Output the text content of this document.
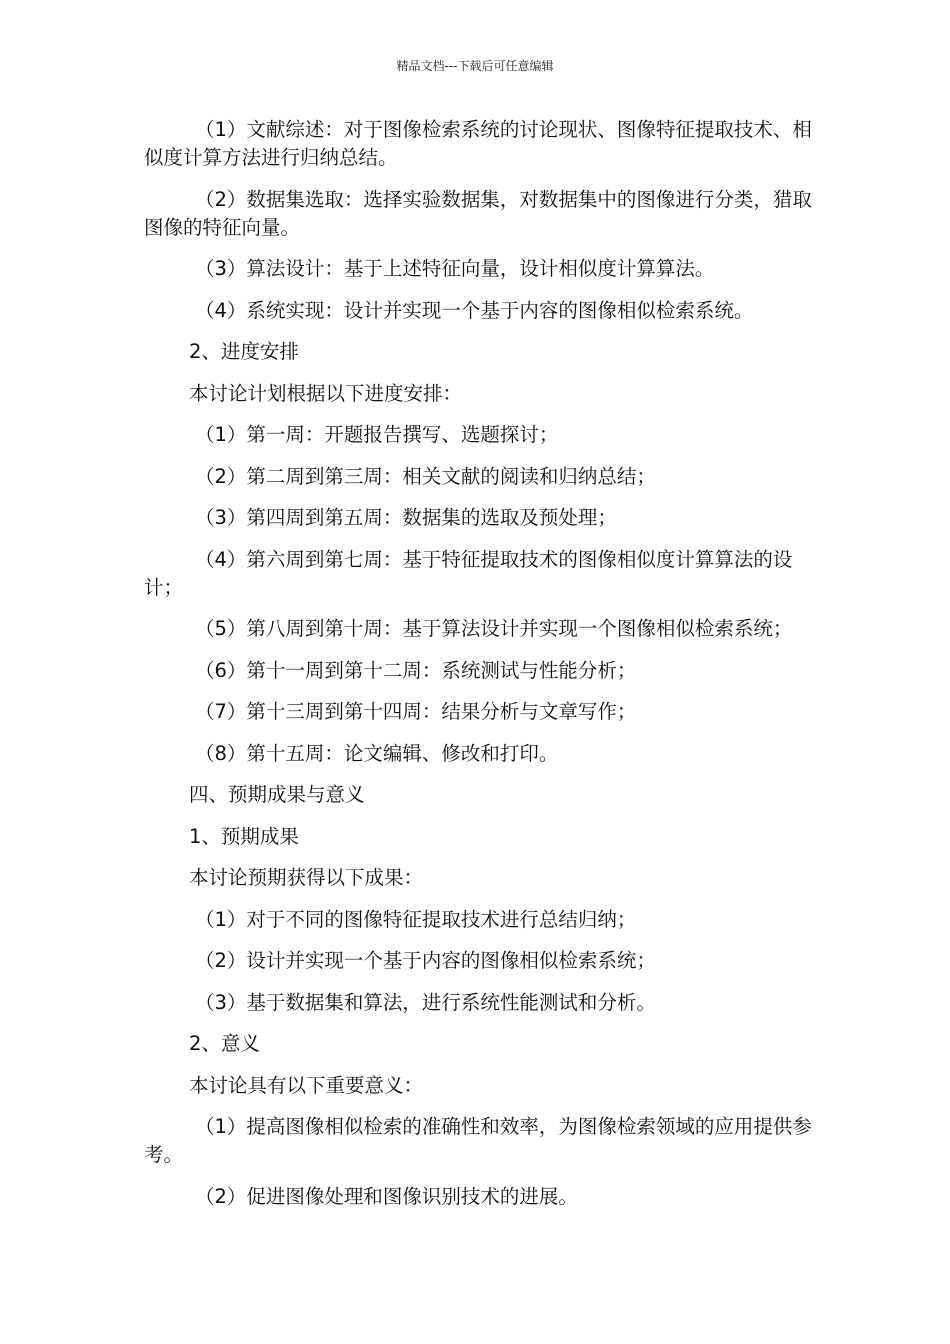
精品文档---下载后可任意编辑

（1）文献综述：对于图像检索系统的讨论现状、图像特征提取技术、相似度计算方法进行归纳总结。

（2）数据集选取：选择实验数据集，对数据集中的图像进行分类，猎取图像的特征向量。

（3）算法设计：基于上述特征向量，设计相似度计算算法。

（4）系统实现：设计并实现一个基于内容的图像相似检索系统。

2、进度安排

本讨论计划根据以下进度安排：

（1）第一周：开题报告撰写、选题探讨；

（2）第二周到第三周：相关文献的阅读和归纳总结；

（3）第四周到第五周：数据集的选取及预处理；

（4）第六周到第七周：基于特征提取技术的图像相似度计算算法的设计；

（5）第八周到第十周：基于算法设计并实现一个图像相似检索系统；

（6）第十一周到第十二周：系统测试与性能分析；

（7）第十三周到第十四周：结果分析与文章写作；

（8）第十五周：论文编辑、修改和打印。

四、预期成果与意义

1、预期成果

本讨论预期获得以下成果：

（1）对于不同的图像特征提取技术进行总结归纳；

（2）设计并实现一个基于内容的图像相似检索系统；

（3）基于数据集和算法，进行系统性能测试和分析。

2、意义

本讨论具有以下重要意义：

（1）提高图像相似检索的准确性和效率，为图像检索领域的应用提供参考。

（2）促进图像处理和图像识别技术的进展。
